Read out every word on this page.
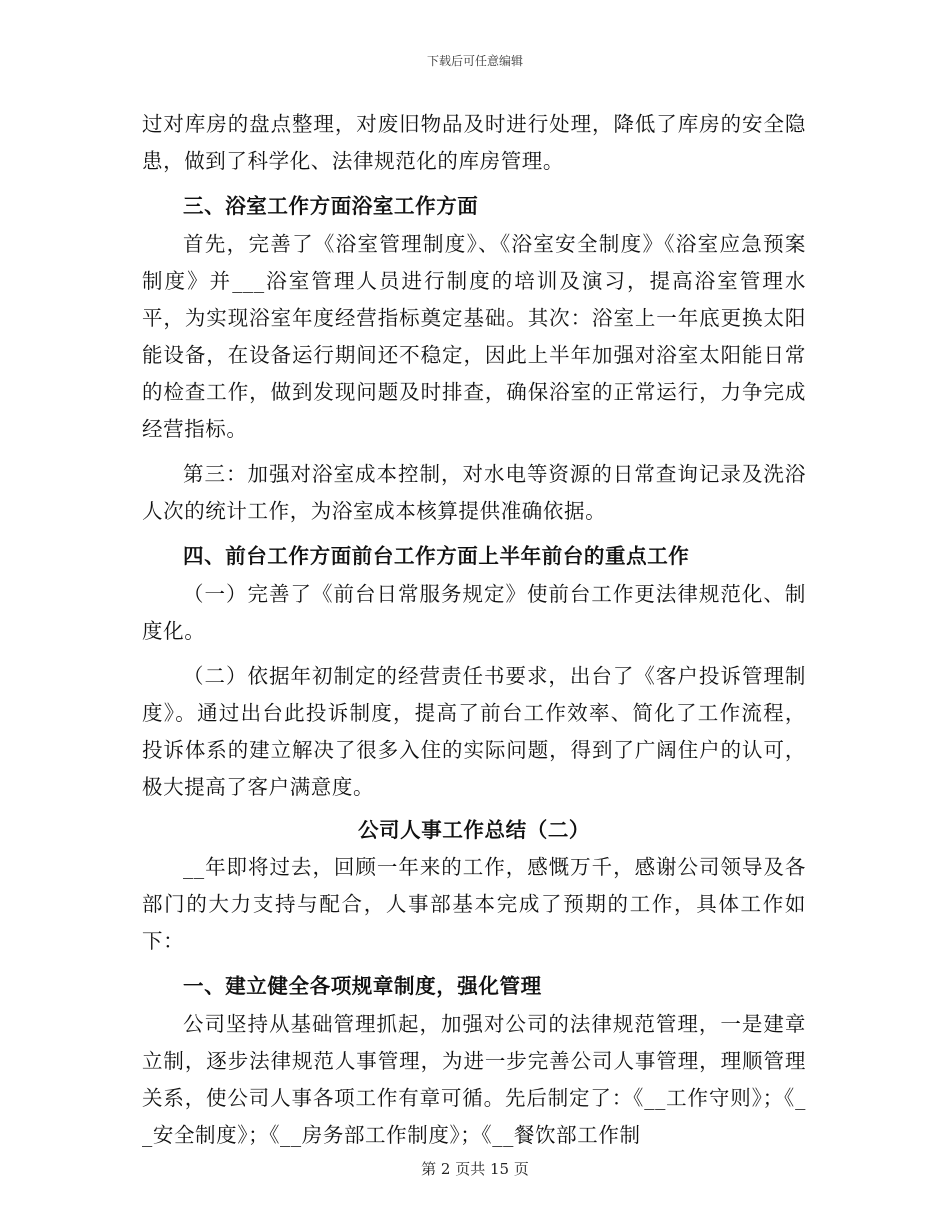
下载后可任意编辑

过对库房的盘点整理，对废旧物品及时进行处理，降低了库房的安全隐患，做到了科学化、法律规范化的库房管理。

三、浴室工作方面浴室工作方面

首先，完善了《浴室管理制度》、《浴室安全制度》《浴室应急预案制度》并___浴室管理人员进行制度的培训及演习，提高浴室管理水平，为实现浴室年度经营指标奠定基础。其次：浴室上一年底更换太阳能设备，在设备运行期间还不稳定，因此上半年加强对浴室太阳能日常的检查工作，做到发现问题及时排查，确保浴室的正常运行，力争完成经营指标。

第三：加强对浴室成本控制，对水电等资源的日常查询记录及洗浴人次的统计工作，为浴室成本核算提供准确依据。

四、前台工作方面前台工作方面上半年前台的重点工作

（一）完善了《前台日常服务规定》使前台工作更法律规范化、制度化。

（二）依据年初制定的经营责任书要求，出台了《客户投诉管理制度》。通过出台此投诉制度，提高了前台工作效率、简化了工作流程，投诉体系的建立解决了很多入住的实际问题，得到了广阔住户的认可，极大提高了客户满意度。

公司人事工作总结（二）

__年即将过去，回顾一年来的工作，感慨万千，感谢公司领导及各部门的大力支持与配合，人事部基本完成了预期的工作，具体工作如下：

一、建立健全各项规章制度，强化管理

公司坚持从基础管理抓起，加强对公司的法律规范管理，一是建章立制，逐步法律规范人事管理，为进一步完善公司人事管理，理顺管理关系，使公司人事各项工作有章可循。先后制定了：《__工作守则》；《__安全制度》；《__房务部工作制度》；《__餐饮部工作制

第 2 页共 15 页
